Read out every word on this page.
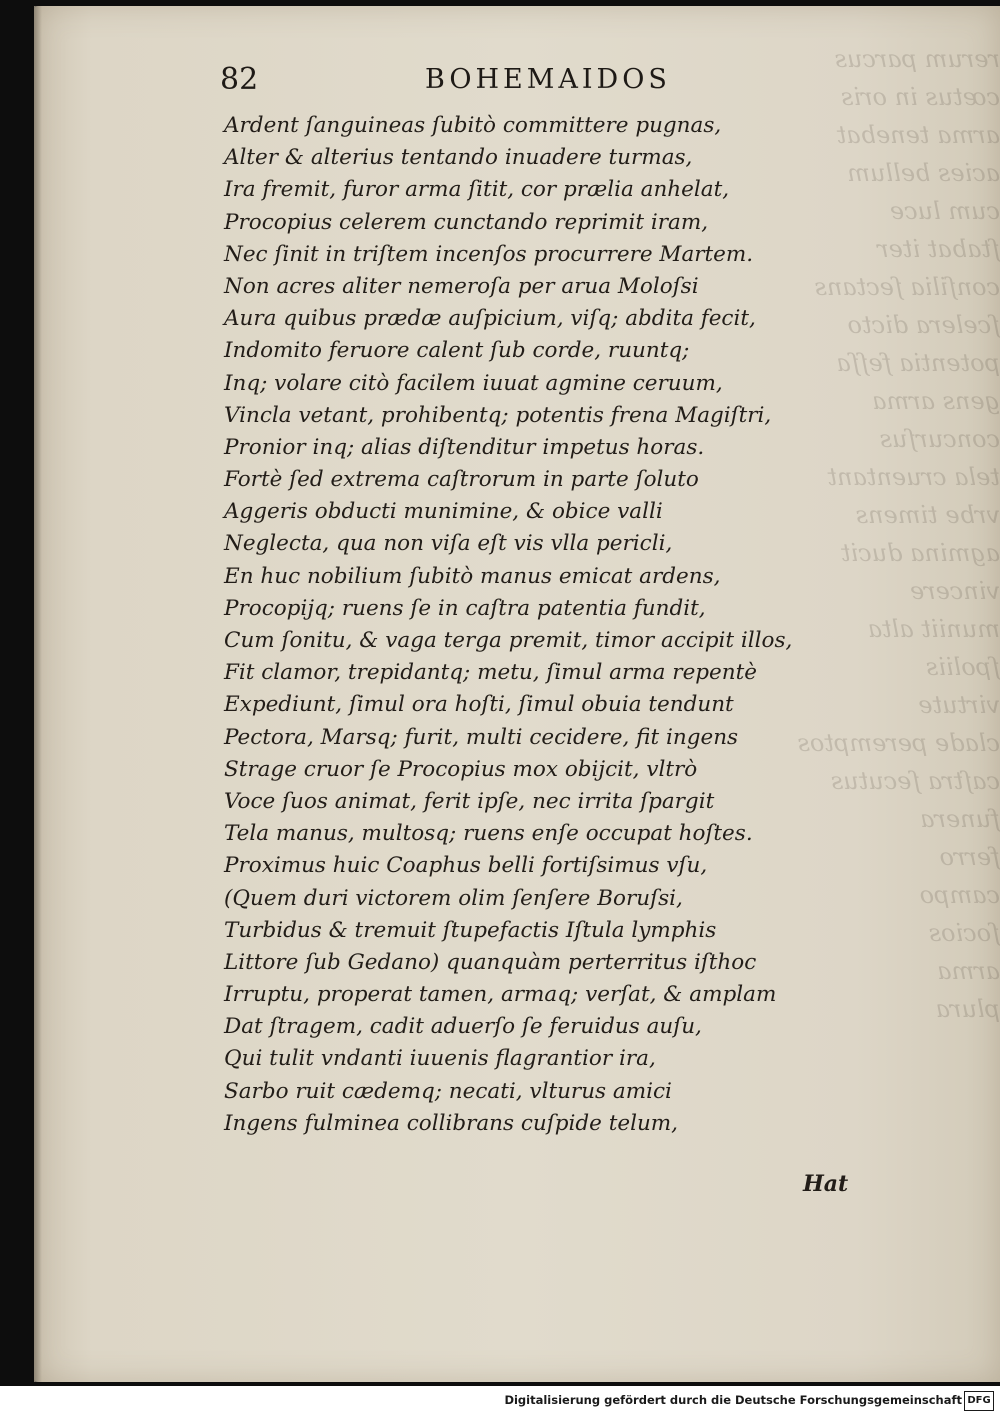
rerum parcus
cœtus in oris
arma tenebat
acies bellum
cum luce
ſtabat iter
conſilia ſectans
ſcelera dicto
potentia feſſa
gens arma
concurſus
tela cruentant
vrbe timens
agmina ducit
vincere
muniit alta
ſpoliis
virtute
clade peremptos
caſtra ſecutus
funera
ferro
campo
ſocios
arma
plura
82	BOHEMAIDOS
Ardent ſanguineas ſubitò committere pugnas,
Alter & alterius tentando inuadere turmas,
Ira fremit, furor arma ſitit, cor prælia anhelat,
Procopius celerem cunctando reprimit iram,
Nec ſinit in triſtem incenſos procurrere Martem.
Non acres aliter nemeroſa per arua Moloſsi
Aura quibus prædæ auſpicium, viſq; abdita fecit,
Indomito feruore calent ſub corde, ruuntq;
Inq; volare citò facilem iuuat agmine ceruum,
Vincla vetant, prohibentq; potentis frena Magiſtri,
Pronior inq; alias diſtenditur impetus horas.
Fortè ſed extrema caſtrorum in parte ſoluto
Aggeris obducti munimine, & obice valli
Neglecta, qua non viſa eſt vis vlla pericli,
En huc nobilium ſubitò manus emicat ardens,
Procopijq; ruens ſe in caſtra patentia fundit,
Cum ſonitu, & vaga terga premit, timor accipit illos,
Fit clamor, trepidantq; metu, ſimul arma repentè
Expediunt, ſimul ora hoſti, ſimul obuia tendunt
Pectora, Marsq; furit, multi cecidere, fit ingens
Strage cruor ſe Procopius mox obijcit, vltrò
Voce ſuos animat, ferit ipſe, nec irrita ſpargit
Tela manus, multosq; ruens enſe occupat hoſtes.
Proximus huic Coaphus belli fortiſsimus vſu,
(Quem duri victorem olim ſenſere Boruſsi,
Turbidus & tremuit ſtupefactis Iſtula lymphis
Littore ſub Gedano) quanquàm perterritus iſthoc
Irruptu, properat tamen, armaq; verſat, & amplam
Dat ſtragem, cadit aduerſo ſe feruidus auſu,
Qui tulit vndanti iuuenis flagrantior ira,
Sarbo ruit cædemq; necati, vlturus amici
Ingens fulminea collibrans cuſpide telum,
Hat
Digitalisierung gefördert durch die Deutsche Forschungsgemeinschaft DFG
